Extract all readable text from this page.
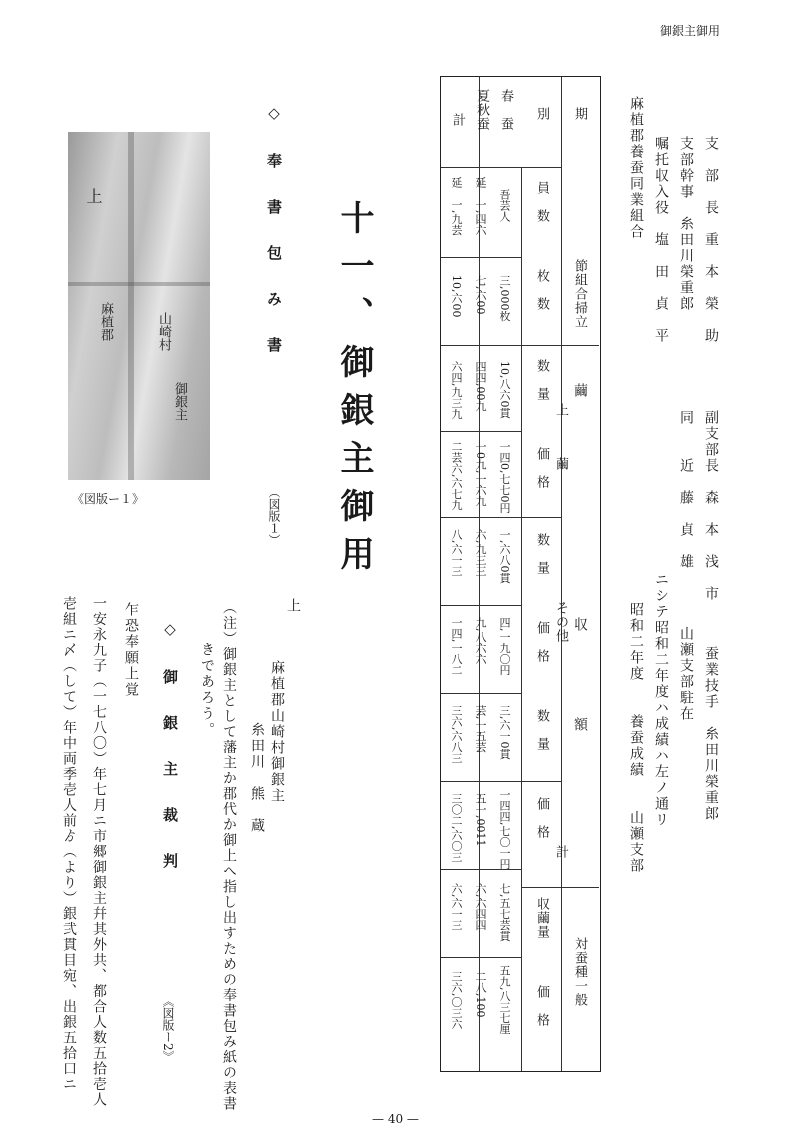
御銀主御用
支　部　長　重　本　榮　助
支部幹事　糸田川榮重郎
嘱托収入役　塩　田　貞　平
麻植郡養蚕同業組合
副支部長　森　本　浅　市
同　　近　藤　貞　雄
蚕業技手　糸田川榮重郎
山瀬支部駐在
ニシテ昭和二年度ハ成績ハ左ノ通リ
昭和二年度　　養蚕成績　　山瀬支部
期
節
別
員　数
組合掃立
枚　数
繭
収
額
上
繭
その他
計
対蚕種一般
数　量
価　格
数　量
価　格
数　量
価　格
収繭量
価　格
春　蚕
夏秋蚕
計
吾芸人
延　一,四六
延　一,九芸
三,000枚
七,六00
10,六00
10,八六0貫
四四,00九
六四,九三九
一四0,七七0円
一0九,一六九
二芸六,六七九
一,六八0貫
六,九三三
八,六一三
四,一九〇円
九,八六六
一四,一八二
三,六一0貫
芸,一五芸
三六,六八三
一四四,七〇一円
五一,0011
三〇二,六〇三
七,五七芸貫
六,六四四
六,六一三
五九,八三七厘
二八,100
三六,〇三六
十一、御銀主御用
◇　奉　書　包　み　書
（図版１）
上
麻植郡	山崎村
御銀主
《図版ー１》
上
麻植郡山崎村御銀主
糸田川　熊　蔵
（注）御銀主として藩主か郡代か御上へ指し出すための奉書包み紙の表書
きであろう。
◇　御　銀　主　裁　判
《図版ー2》
乍恐奉願上覚
一安永九子（一七八〇）年七月ニ市郷御銀主幷其外共、都合人数五拾壱人
壱組ニ〆（して）年中両季壱人前ゟ（より）銀弐貫目宛、出銀五拾口ニ
— 40 —
